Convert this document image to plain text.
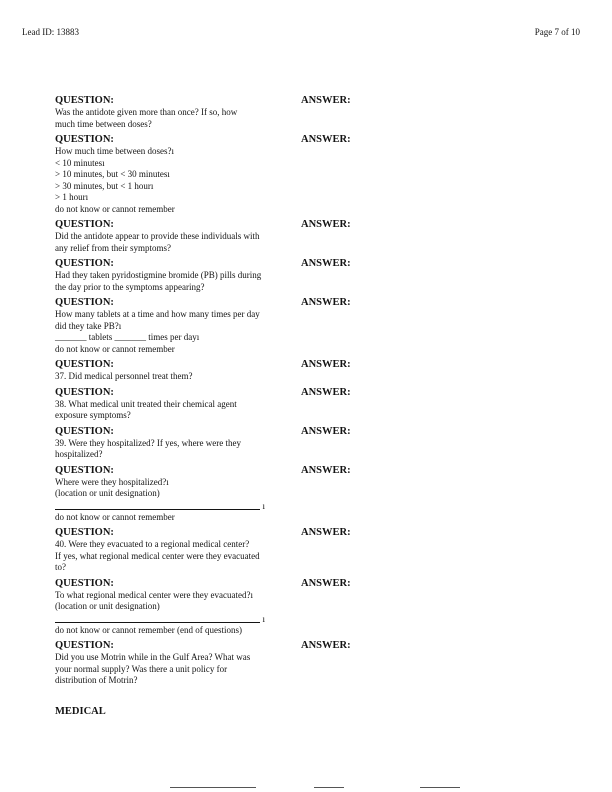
Lead ID: 13883	Page 7 of 10
QUESTION:	ANSWER:
Was the antidote given more than once? If so, how
much time between doses?
QUESTION:	ANSWER:
How much time between doses?ı
< 10 minutesı
> 10 minutes, but < 30 minutesı
> 30 minutes, but < 1 hourı
> 1 hourı
do not know or cannot remember
QUESTION:	ANSWER:
Did the antidote appear to provide these individuals with
any relief from their symptoms?
QUESTION:	ANSWER:
Had they taken pyridostigmine bromide (PB) pills during
the day prior to the symptoms appearing?
QUESTION:	ANSWER:
How many tablets at a time and how many times per day
did they take PB?ı
_______ tablets _______ times per dayı
do not know or cannot remember
QUESTION:	ANSWER:
37. Did medical personnel treat them?
QUESTION:	ANSWER:
38. What medical unit treated their chemical agent
exposure symptoms?
QUESTION:	ANSWER:
39. Were they hospitalized? If yes, where were they
hospitalized?
QUESTION:	ANSWER:
Where were they hospitalized?ı
(location or unit designation)
ı
do not know or cannot remember
QUESTION:	ANSWER:
40. Were they evacuated to a regional medical center?
If yes, what regional medical center were they evacuated
to?
QUESTION:	ANSWER:
To what regional medical center were they evacuated?ı
(location or unit designation)
ı
do not know or cannot remember (end of questions)
QUESTION:	ANSWER:
Did you use Motrin while in the Gulf Area? What was
your normal supply? Was there a unit policy for
distribution of Motrin?
MEDICAL
